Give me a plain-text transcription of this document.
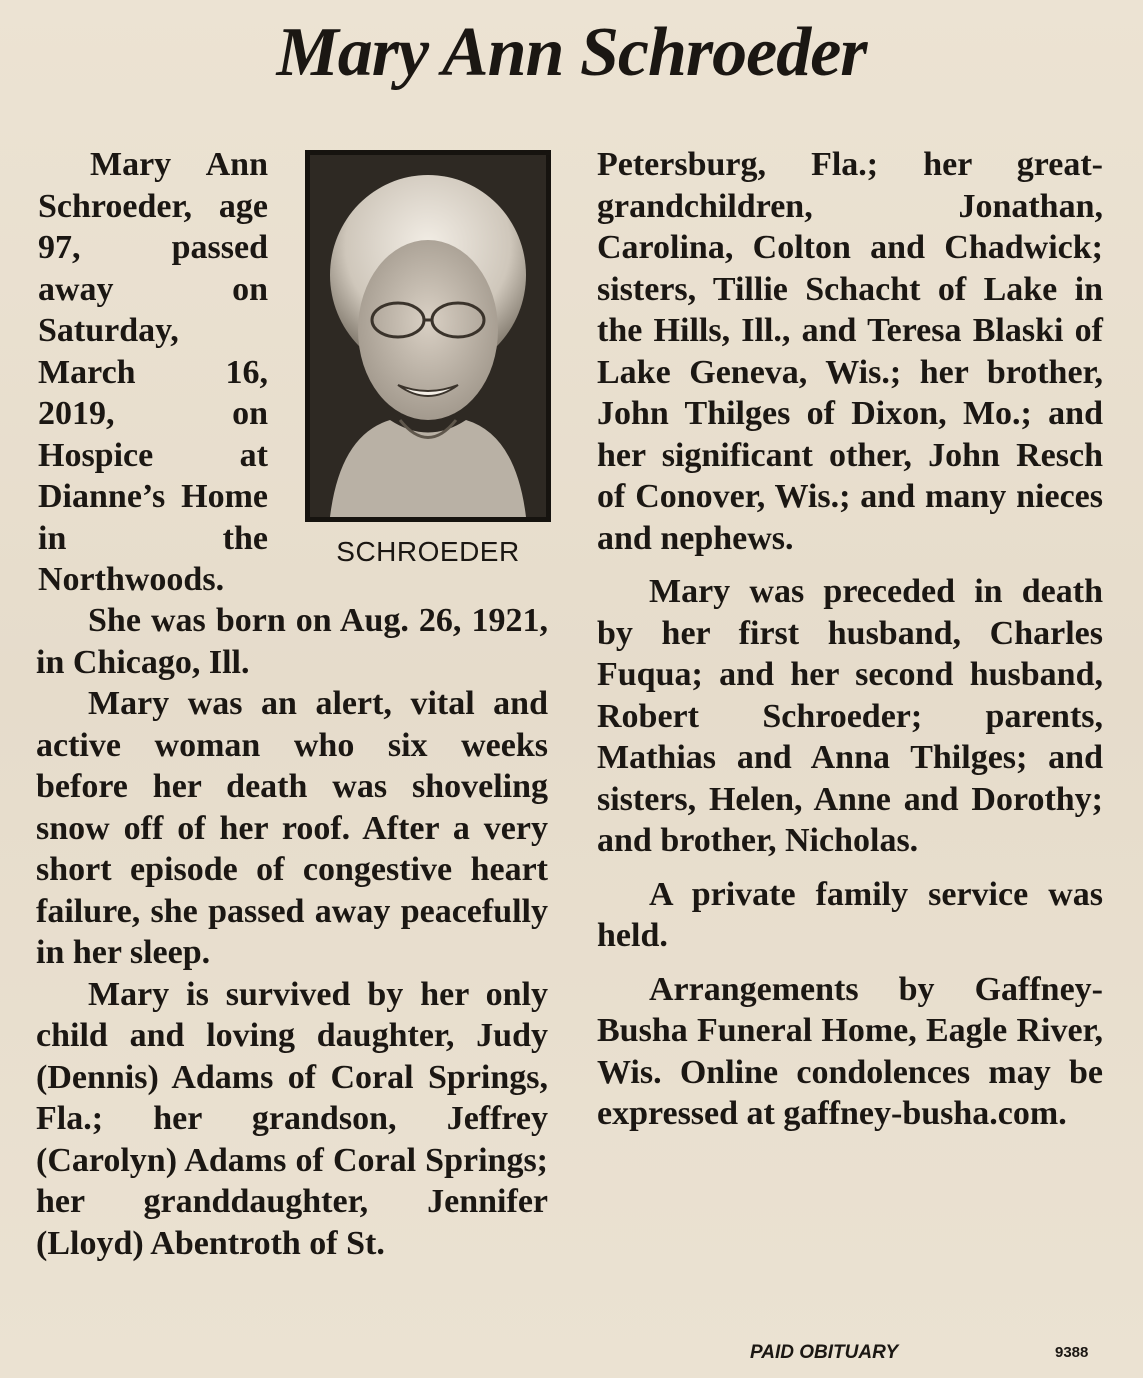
Mary Ann Schroeder

Mary Ann Schroeder, age 97, passed away on Saturday, March 16, 2019, on Hospice at Dianne’s Home in the Northwoods.

SCHROEDER

She was born on Aug. 26, 1921, in Chicago, Ill.

Mary was an alert, vital and active woman who six weeks before her death was shoveling snow off of her roof. After a very short episode of congestive heart failure, she passed away peacefully in her sleep.

Mary is survived by her only child and loving daughter, Judy (Dennis) Adams of Coral Springs, Fla.; her grandson, Jeffrey (Carolyn) Adams of Coral Springs; her granddaughter, Jennifer (Lloyd) Abentroth of St.

Petersburg, Fla.; her great-grandchildren, Jonathan, Carolina, Colton and Chadwick; sisters, Tillie Schacht of Lake in the Hills, Ill., and Teresa Blaski of Lake Geneva, Wis.; her brother, John Thilges of Dixon, Mo.; and her significant other, John Resch of Conover, Wis.; and many nieces and nephews.

Mary was preceded in death by her first husband, Charles Fuqua; and her second husband, Robert Schroeder; parents, Mathias and Anna Thilges; and sisters, Helen, Anne and Dorothy; and brother, Nicholas.

A private family service was held.

Arrangements by Gaffney-Busha Funeral Home, Eagle River, Wis. Online condolences may be expressed at gaffney-busha.com.

PAID OBITUARY	9388
